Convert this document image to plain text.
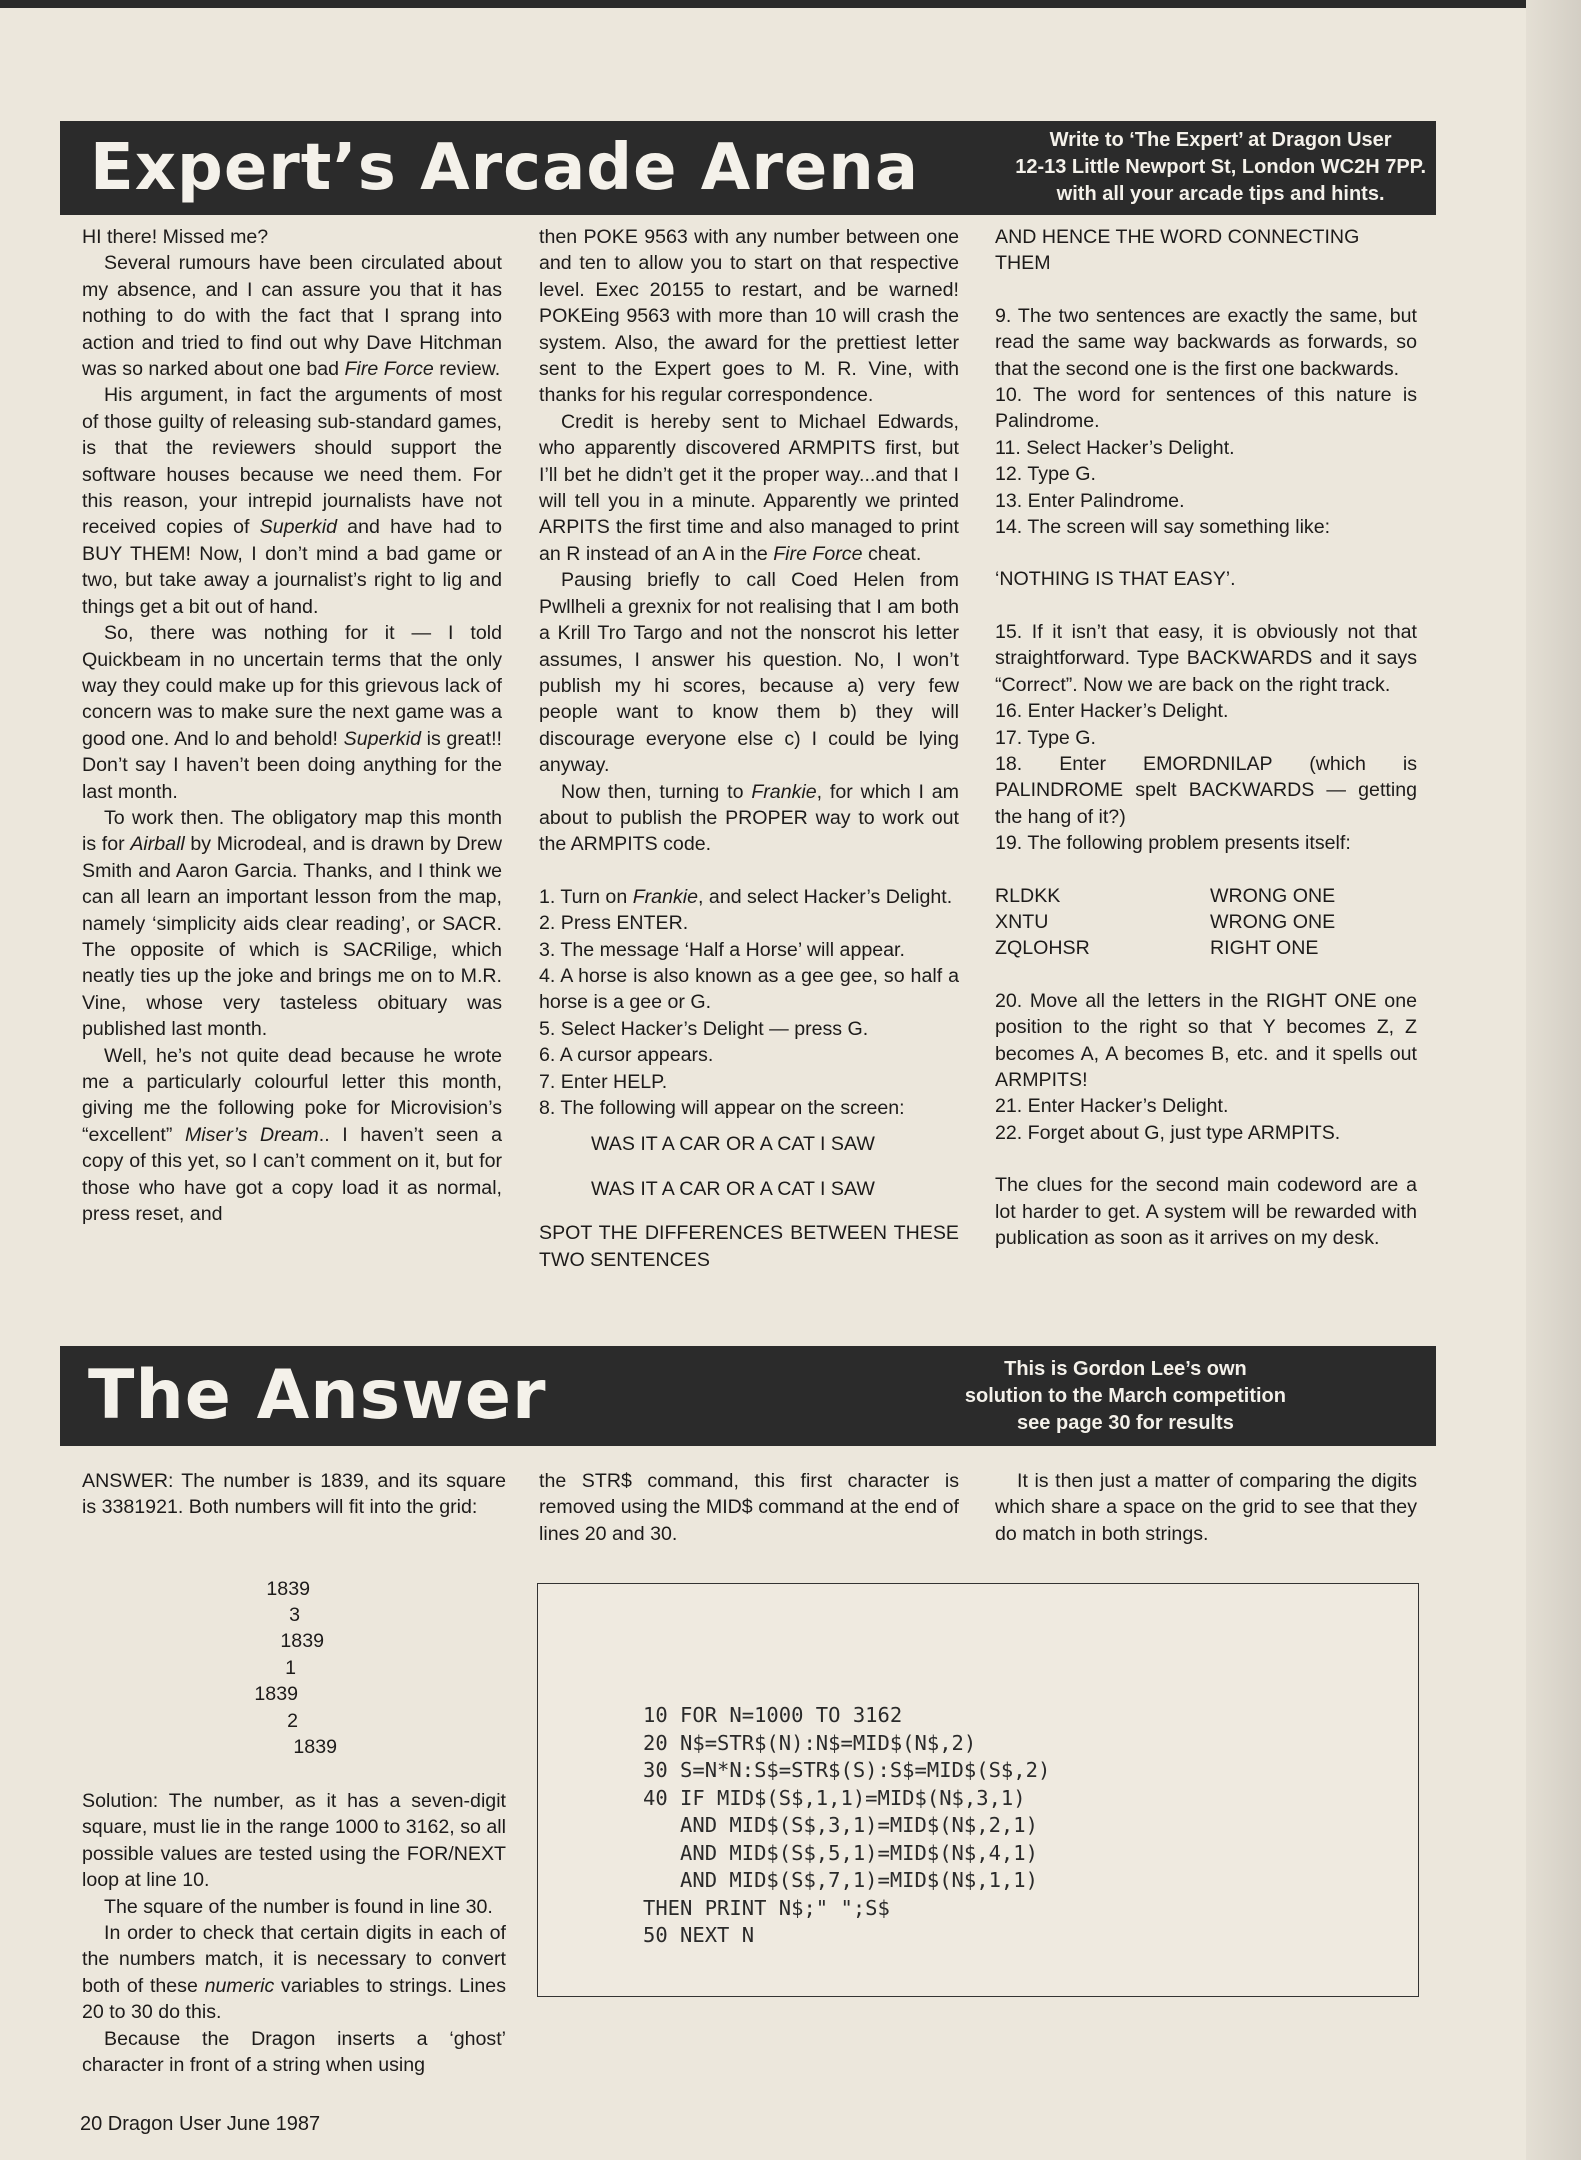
Expert’s Arcade Arena	Write to ‘The Expert’ at Dragon User
12-13 Little Newport St, London WC2H 7PP.
with all your arcade tips and hints.

HI there! Missed me?

Several rumours have been circulated about my absence, and I can assure you that it has nothing to do with the fact that I sprang into action and tried to find out why Dave Hitchman was so narked about one bad Fire Force review.

His argument, in fact the arguments of most of those guilty of releasing sub-standard games, is that the reviewers should support the software houses because we need them. For this reason, your intrepid journalists have not received copies of Superkid and have had to BUY THEM! Now, I don’t mind a bad game or two, but take away a journalist’s right to lig and things get a bit out of hand.

So, there was nothing for it — I told Quickbeam in no uncertain terms that the only way they could make up for this grievous lack of concern was to make sure the next game was a good one. And lo and behold! Superkid is great!! Don’t say I haven’t been doing anything for the last month.

To work then. The obligatory map this month is for Airball by Microdeal, and is drawn by Drew Smith and Aaron Garcia. Thanks, and I think we can all learn an important lesson from the map, namely ‘simplicity aids clear reading’, or SACR. The opposite of which is SACRilige, which neatly ties up the joke and brings me on to M.R. Vine, whose very tasteless obituary was published last month.

Well, he’s not quite dead because he wrote me a particularly colourful letter this month, giving me the following poke for Microvision’s “excellent” Miser’s Dream.. I haven’t seen a copy of this yet, so I can’t comment on it, but for those who have got a copy load it as normal, press reset, and

then POKE 9563 with any number between one and ten to allow you to start on that respective level. Exec 20155 to restart, and be warned! POKEing 9563 with more than 10 will crash the system. Also, the award for the prettiest letter sent to the Expert goes to M. R. Vine, with thanks for his regular correspondence.

Credit is hereby sent to Michael Edwards, who apparently discovered ARMPITS first, but I’ll bet he didn’t get it the proper way...and that I will tell you in a minute. Apparently we printed ARPITS the first time and also managed to print an R instead of an A in the Fire Force cheat.

Pausing briefly to call Coed Helen from Pwllheli a grexnix for not realising that I am both a Krill Tro Targo and not the nonscrot his letter assumes, I answer his question. No, I won’t publish my hi scores, because a) very few people want to know them b) they will discourage everyone else c) I could be lying anyway.

Now then, turning to Frankie, for which I am about to publish the PROPER way to work out the ARMPITS code.

1. Turn on Frankie, and select Hacker’s Delight.

2. Press ENTER.

3. The message ‘Half a Horse’ will appear.

4. A horse is also known as a gee gee, so half a horse is a gee or G.

5. Select Hacker’s Delight — press G.

6. A cursor appears.

7. Enter HELP.

8. The following will appear on the screen:

WAS IT A CAR OR A CAT I SAW

WAS IT A CAR OR A CAT I SAW

SPOT THE DIFFERENCES BETWEEN THESE TWO SENTENCES

AND HENCE THE WORD CONNECTING THEM

9. The two sentences are exactly the same, but read the same way backwards as forwards, so that the second one is the first one backwards.

10. The word for sentences of this nature is Palindrome.

11. Select Hacker’s Delight.

12. Type G.

13. Enter Palindrome.

14. The screen will say something like:

‘NOTHING IS THAT EASY’.

15. If it isn’t that easy, it is obviously not that straightforward. Type BACKWARDS and it says “Correct”. Now we are back on the right track.

16. Enter Hacker’s Delight.

17. Type G.

18. Enter EMORDNILAP (which is PALINDROME spelt BACKWARDS — getting the hang of it?)

19. The following problem presents itself:

RLDKK	WRONG ONE
XNTU	WRONG ONE
ZQLOHSR	RIGHT ONE

20. Move all the letters in the RIGHT ONE one position to the right so that Y becomes Z, Z becomes A, A becomes B, etc. and it spells out ARMPITS!

21. Enter Hacker’s Delight.

22. Forget about G, just type ARMPITS.

The clues for the second main codeword are a lot harder to get. A system will be rewarded with publication as soon as it arrives on my desk.

The Answer	This is Gordon Lee’s own
solution to the March competition
see page 30 for results

ANSWER: The number is 1839, and its square is 3381921. Both numbers will fit into the grid:

1839
3
1839
1
1839
2
1839

Solution: The number, as it has a seven-digit square, must lie in the range 1000 to 3162, so all possible values are tested using the FOR/NEXT loop at line 10.

The square of the number is found in line 30.

In order to check that certain digits in each of the numbers match, it is necessary to convert both of these numeric variables to strings. Lines 20 to 30 do this.

Because the Dragon inserts a ‘ghost’ character in front of a string when using

the STR$ command, this first character is removed using the MID$ command at the end of lines 20 and 30.

It is then just a matter of comparing the digits which share a space on the grid to see that they do match in both strings.

10 FOR N=1000 TO 3162
20 N$=STR$(N):N$=MID$(N$,2)
30 S=N*N:S$=STR$(S):S$=MID$(S$,2)
40 IF MID$(S$,1,1)=MID$(N$,3,1)
AND MID$(S$,3,1)=MID$(N$,2,1)
AND MID$(S$,5,1)=MID$(N$,4,1)
AND MID$(S$,7,1)=MID$(N$,1,1)
THEN PRINT N$;" ";S$
50 NEXT N
20 Dragon User June 1987
